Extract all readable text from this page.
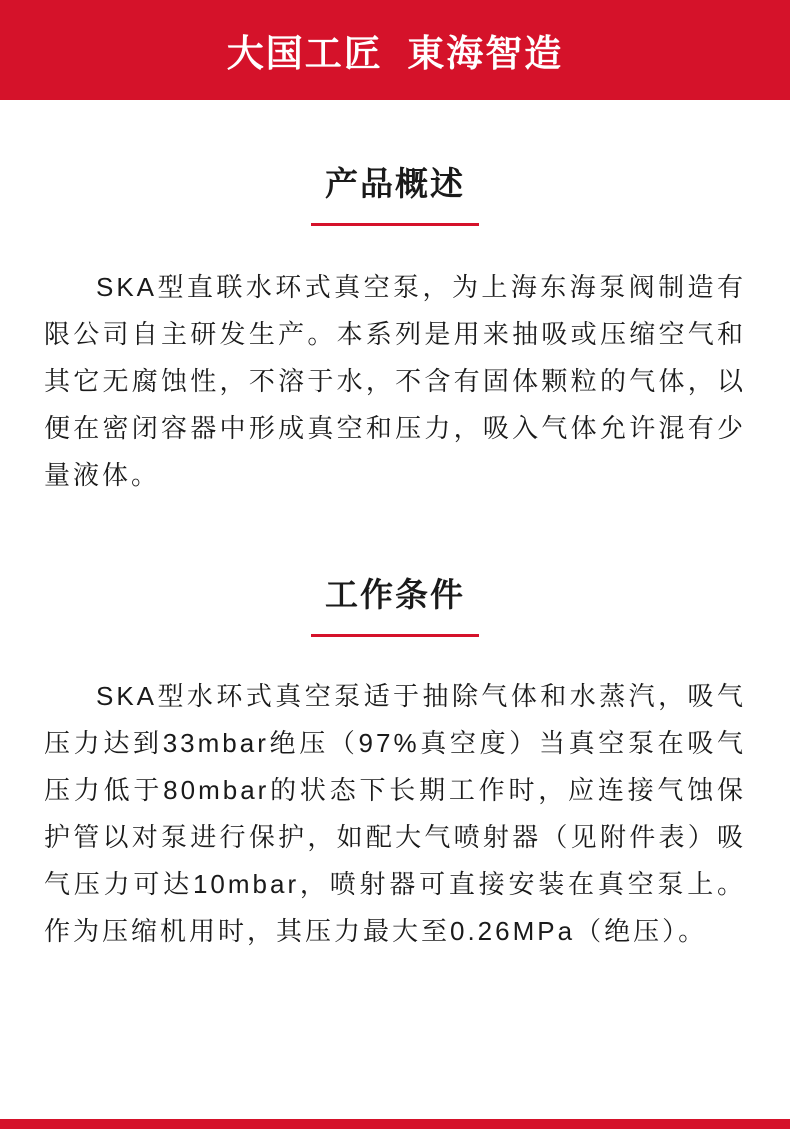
大国工匠  東海智造
产品概述
SKA型直联水环式真空泵，为上海东海泵阀制造有限公司自主研发生产。本系列是用来抽吸或压缩空气和其它无腐蚀性，不溶于水，不含有固体颗粒的气体，以便在密闭容器中形成真空和压力，吸入气体允许混有少量液体。
工作条件
SKA型水环式真空泵适于抽除气体和水蒸汽，吸气压力达到33mbar绝压（97%真空度）当真空泵在吸气压力低于80mbar的状态下长期工作时，应连接气蚀保护管以对泵进行保护，如配大气喷射器（见附件表）吸气压力可达10mbar，喷射器可直接安装在真空泵上。作为压缩机用时，其压力最大至0.26MPa（绝压）。
